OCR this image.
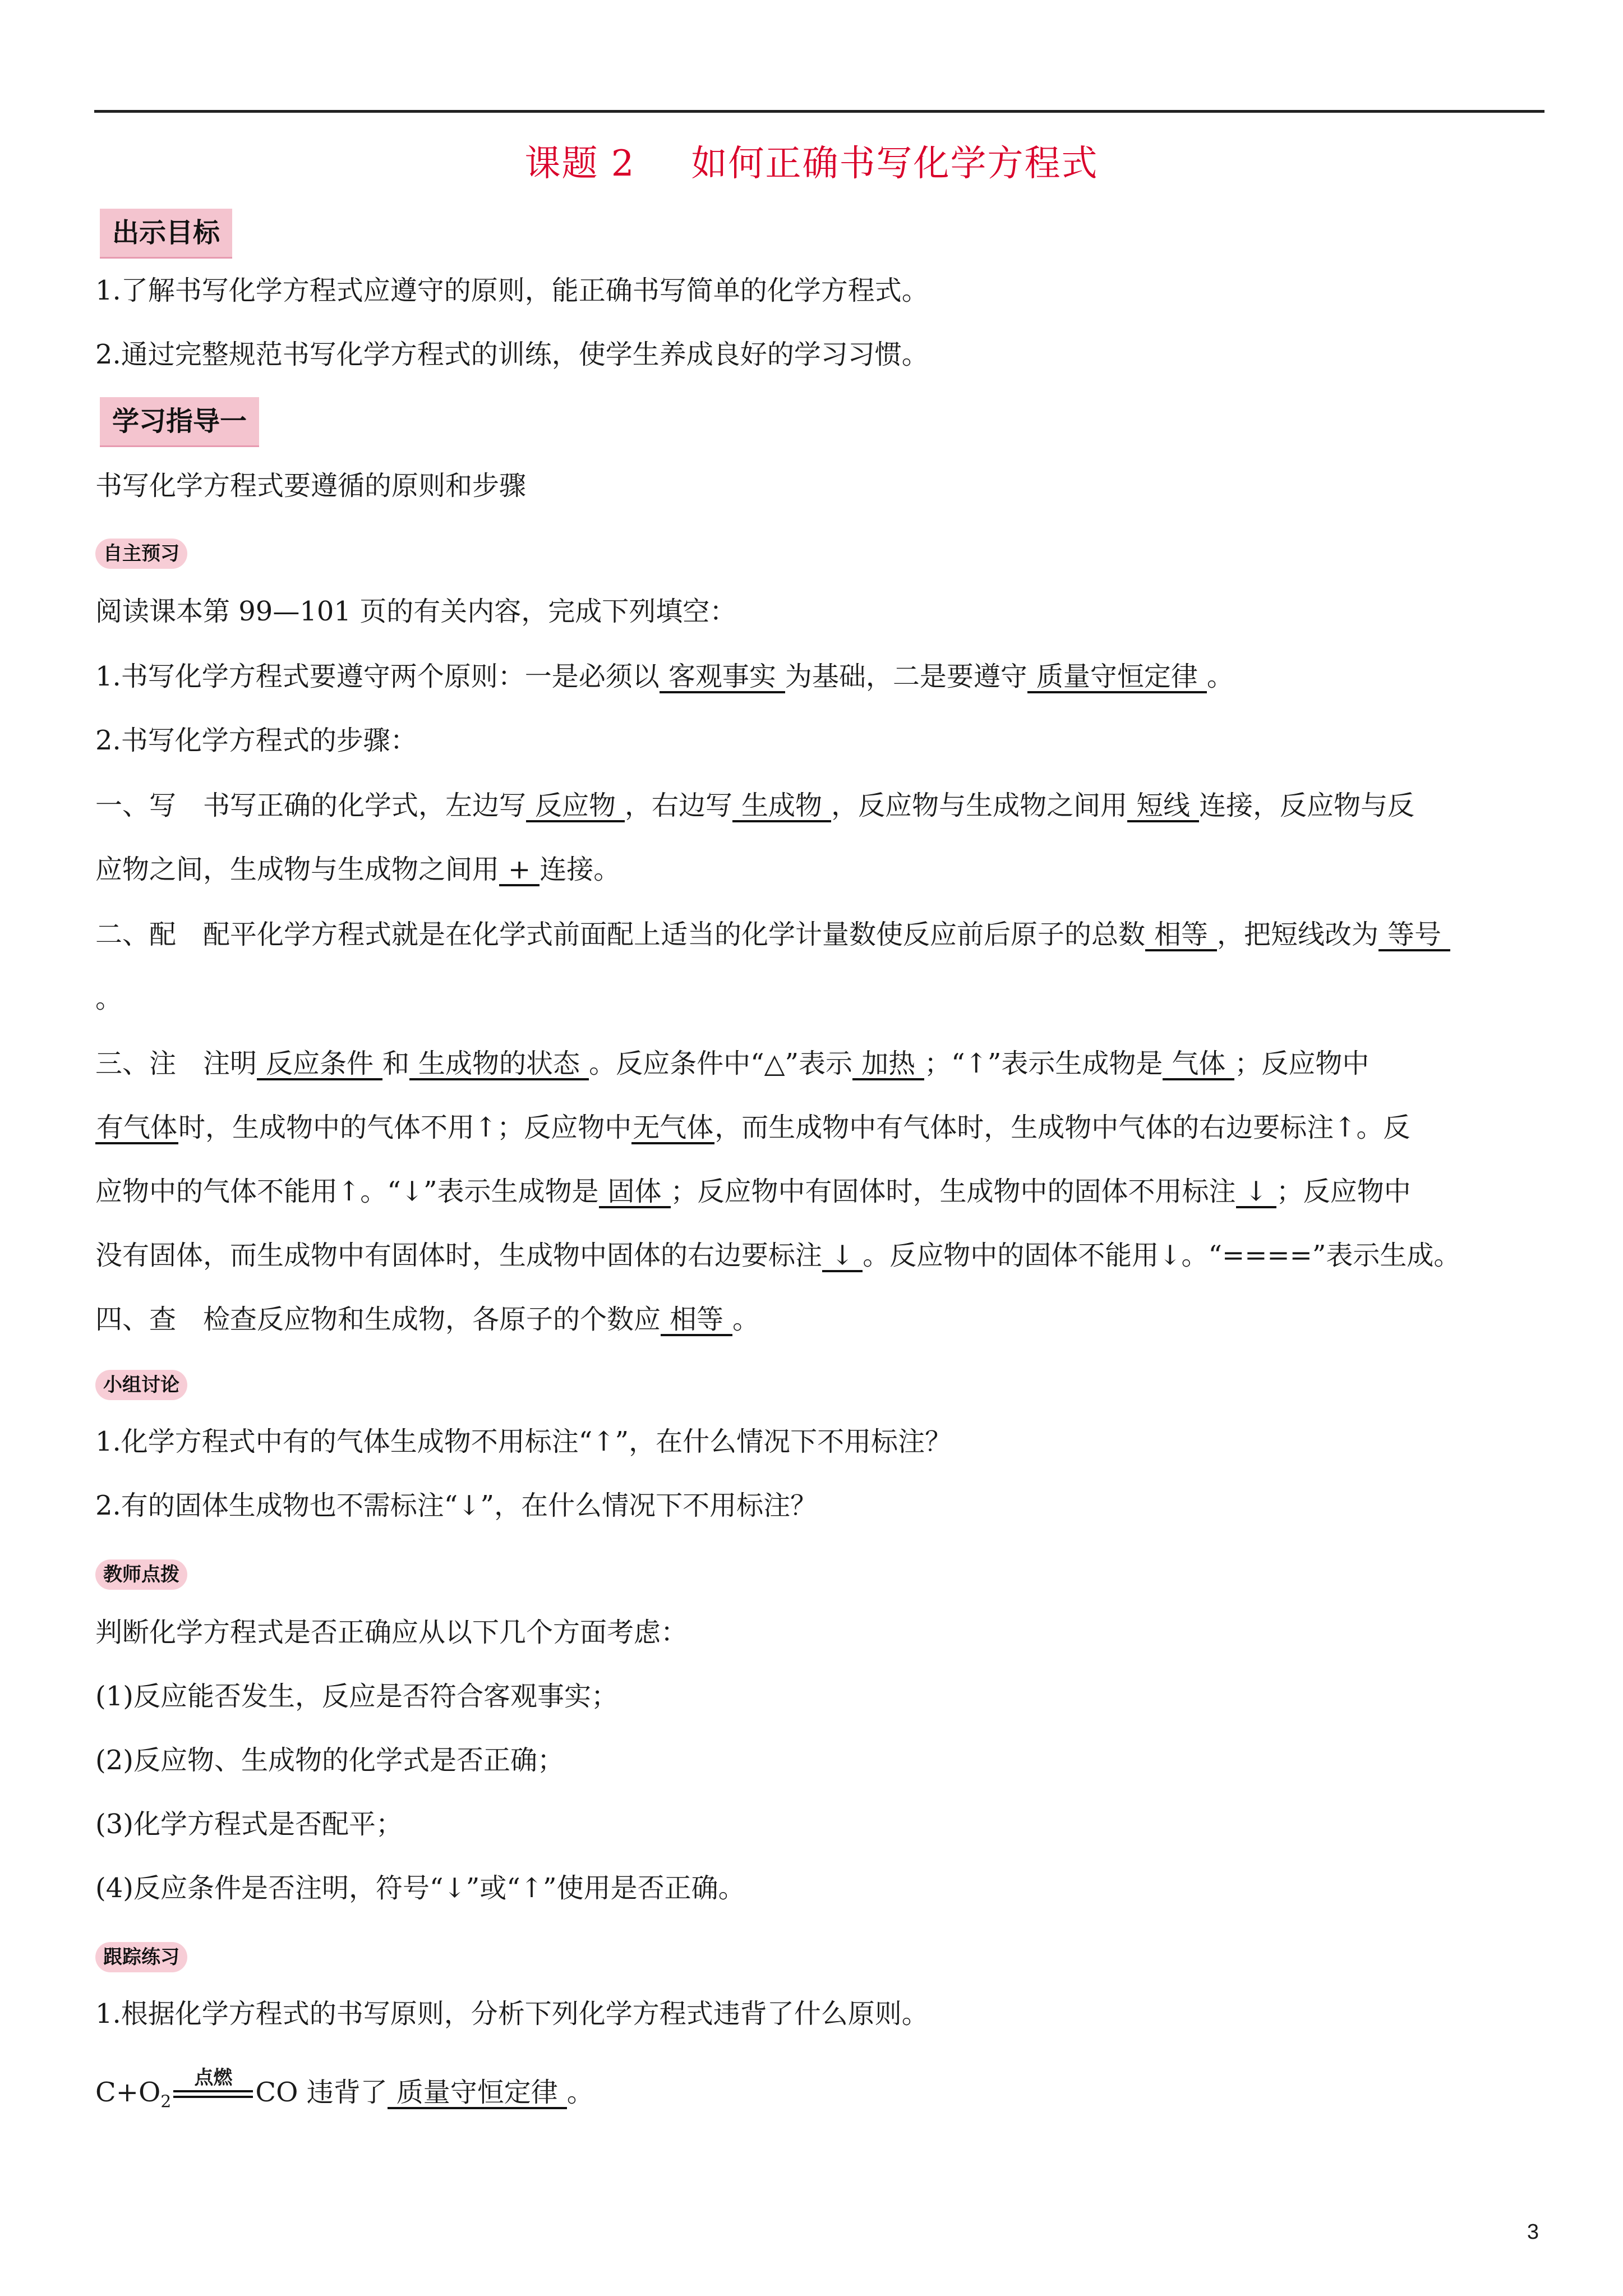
课题 2 如何正确书写化学方程式
出示目标
1.了解书写化学方程式应遵守的原则，能正确书写简单的化学方程式。
2.通过完整规范书写化学方程式的训练，使学生养成良好的学习习惯。
学习指导一
书写化学方程式要遵循的原则和步骤
自主预习
阅读课本第 99—101 页的有关内容，完成下列填空：
1.书写化学方程式要遵守两个原则：一是必须以 客观事实 为基础，二是要遵守 质量守恒定律 。
2.书写化学方程式的步骤：
一、写　书写正确的化学式，左边写 反应物 ，右边写 生成物 ，反应物与生成物之间用 短线 连接，反应物与反
应物之间，生成物与生成物之间用 + 连接。
二、配　配平化学方程式就是在化学式前面配上适当的化学计量数使反应前后原子的总数 相等 ，把短线改为 等号
。
三、注　注明 反应条件 和 生成物的状态 。反应条件中“△”表示 加热 ；“↑”表示生成物是 气体 ；反应物中
有气体时，生成物中的气体不用↑；反应物中无气体，而生成物中有气体时，生成物中气体的右边要标注↑。反
应物中的气体不能用↑。“↓”表示生成物是 固体 ；反应物中有固体时，生成物中的固体不用标注 ↓ ；反应物中
没有固体，而生成物中有固体时，生成物中固体的右边要标注 ↓ 。反应物中的固体不能用↓。“====”表示生成。
四、查　检查反应物和生成物，各原子的个数应 相等 。
小组讨论
1.化学方程式中有的气体生成物不用标注“↑”，在什么情况下不用标注？
2.有的固体生成物也不需标注“↓”，在什么情况下不用标注？
教师点拨
判断化学方程式是否正确应从以下几个方面考虑：
(1)反应能否发生，反应是否符合客观事实；
(2)反应物、生成物的化学式是否正确；
(3)化学方程式是否配平；
(4)反应条件是否注明，符号“↓”或“↑”使用是否正确。
跟踪练习
1.根据化学方程式的书写原则，分析下列化学方程式违背了什么原则。
$C+O_2$
点燃 CO 违背了 质量守恒定律 。
3
